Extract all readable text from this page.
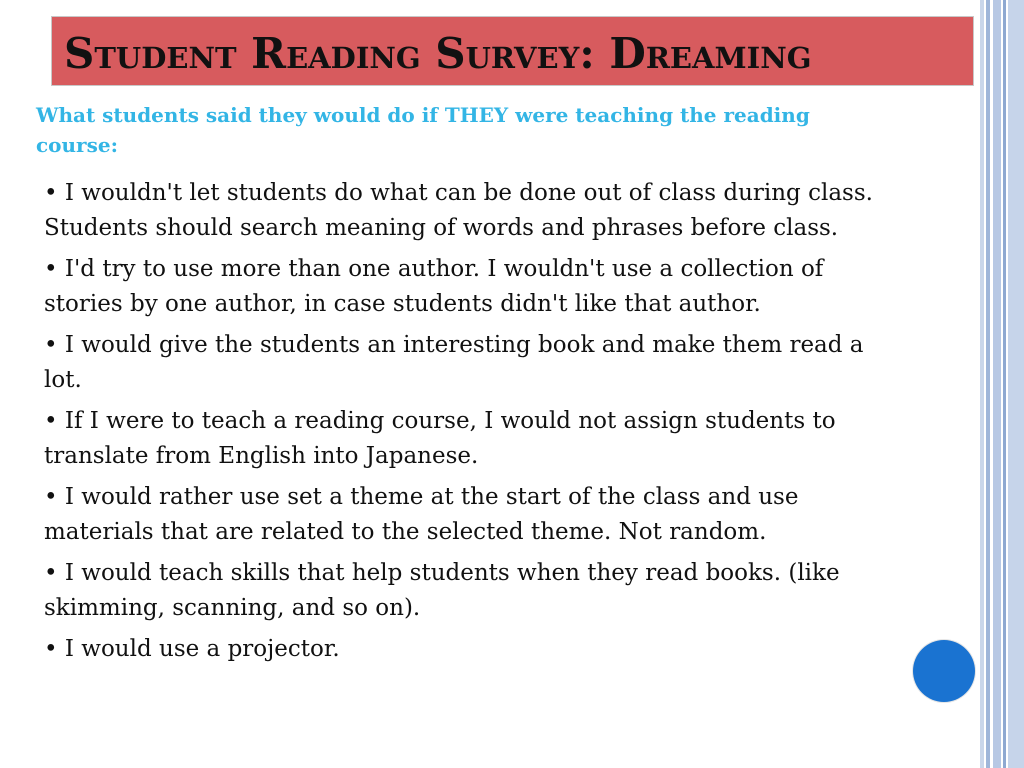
Student Reading Survey: Dreaming

What students said they would do if THEY were teaching the reading course:

• I wouldn't let students do what can be done out of class during class. Students should search meaning of words and phrases before class.
• I'd try to use more than one author. I wouldn't use a collection of stories by one author, in case students didn't like that author.
• I would give the students an interesting book and make them read a lot.
• If I were to teach a reading course, I would not assign students to translate from English into Japanese.
• I would rather use set a theme at the start of the class and use materials that are related to the selected theme. Not random.
• I would teach skills that help students when they read books. (like skimming, scanning, and so on).
• I would use a projector.
